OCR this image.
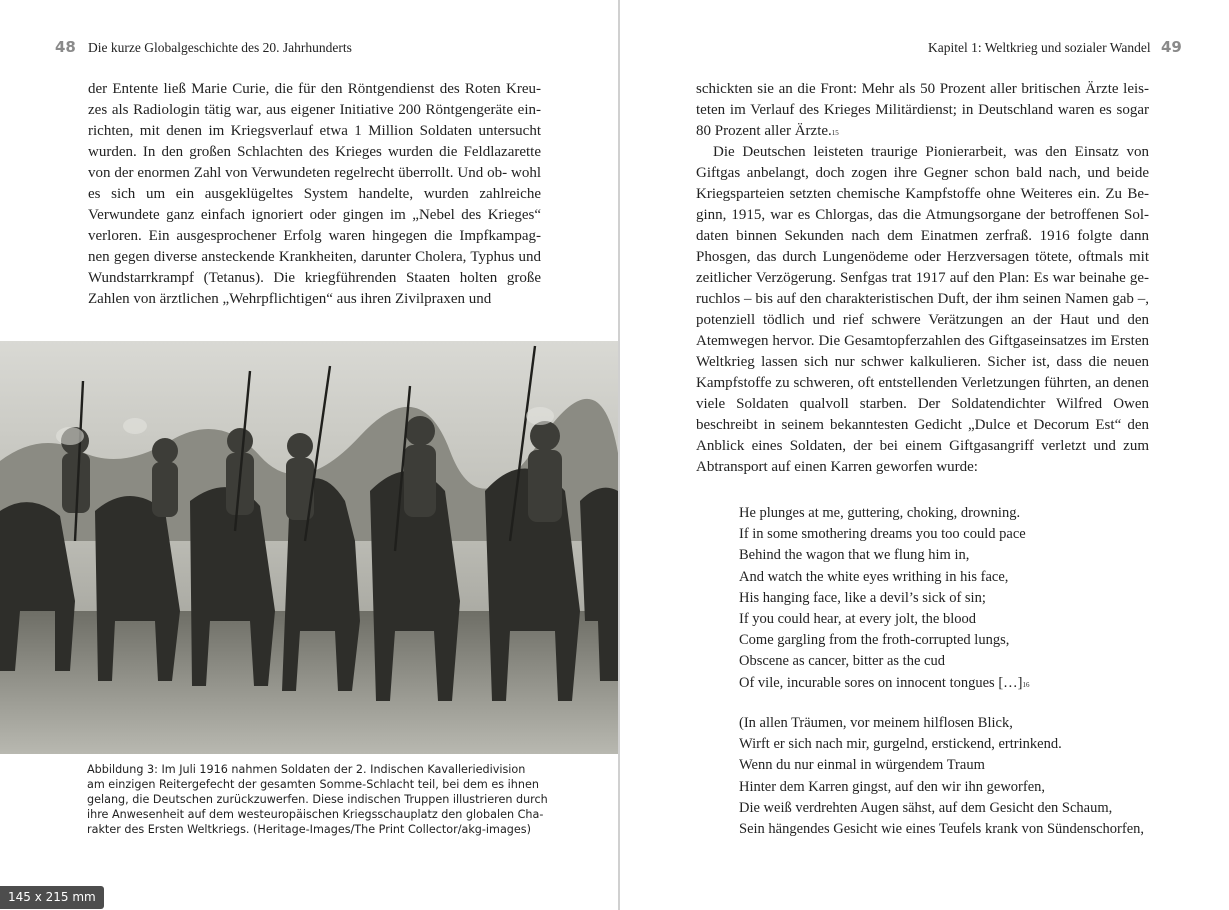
48 Die kurze Globalgeschichte des 20. Jahrhunderts

der Entente ließ Marie Curie, die für den Röntgendienst des Roten Kreu- zes als Radiologin tätig war, aus eigener Initiative 200 Röntgengeräte ein- richten, mit denen im Kriegsverlauf etwa 1 Million Soldaten untersucht wurden. In den großen Schlachten des Krieges wurden die Feldlazarette von der enormen Zahl von Verwundeten regelrecht überrollt. Und ob- wohl es sich um ein ausgeklügeltes System handelte, wurden zahlreiche Verwundete ganz einfach ignoriert oder gingen im „Nebel des Krieges“ verloren. Ein ausgesprochener Erfolg waren hingegen die Impfkampag- nen gegen diverse ansteckende Krankheiten, darunter Cholera, Typhus und Wundstarrkrampf (Tetanus). Die kriegführenden Staaten holten große Zahlen von ärztlichen „Wehrpflichtigen“ aus ihren Zivilpraxen und

Abbildung 3: Im Juli 1916 nahmen Soldaten der 2. Indischen Kavalleriedivision
am einzigen Reitergefecht der gesamten Somme-Schlacht teil, bei dem es ihnen
gelang, die Deutschen zurückzuwerfen. Diese indischen Truppen illustrieren durch
ihre Anwesenheit auf dem westeuropäischen Kriegsschauplatz den globalen Cha-
rakter des Ersten Weltkriegs. (Heritage-Images/The Print Collector/akg-images)
Kapitel 1: Weltkrieg und sozialer Wandel 49

schickten sie an die Front: Mehr als 50 Prozent aller britischen Ärzte leis- teten im Verlauf des Krieges Militärdienst; in Deutschland waren es sogar 80 Prozent aller Ärzte.$^{15}$

Die Deutschen leisteten traurige Pionierarbeit, was den Einsatz von Giftgas anbelangt, doch zogen ihre Gegner schon bald nach, und beide Kriegsparteien setzten chemische Kampfstoffe ohne Weiteres ein. Zu Be- ginn, 1915, war es Chlorgas, das die Atmungsorgane der betroffenen Sol- daten binnen Sekunden nach dem Einatmen zerfraß. 1916 folgte dann Phosgen, das durch Lungenödeme oder Herzversagen tötete, oftmals mit zeitlicher Verzögerung. Senfgas trat 1917 auf den Plan: Es war beinahe ge- ruchlos – bis auf den charakteristischen Duft, der ihm seinen Namen gab –, potenziell tödlich und rief schwere Verätzungen an der Haut und den Atemwegen hervor. Die Gesamtopferzahlen des Giftgaseinsatzes im Ersten Weltkrieg lassen sich nur schwer kalkulieren. Sicher ist, dass die neuen Kampfstoffe zu schweren, oft entstellenden Verletzungen führten, an denen viele Soldaten qualvoll starben. Der Soldatendichter Wilfred Owen beschreibt in seinem bekanntesten Gedicht „Dulce et Decorum Est“ den Anblick eines Soldaten, der bei einem Giftgasangriff verletzt und zum Abtransport auf einen Karren geworfen wurde:

He plunges at me, guttering, choking, drowning.
If in some smothering dreams you too could pace
Behind the wagon that we flung him in,
And watch the white eyes writhing in his face,
His hanging face, like a devil’s sick of sin;
If you could hear, at every jolt, the blood
Come gargling from the froth-corrupted lungs,
Obscene as cancer, bitter as the cud
Of vile, incurable sores on innocent tongues […]$^{16}$
(In allen Träumen, vor meinem hilflosen Blick,
Wirft er sich nach mir, gurgelnd, erstickend, ertrinkend.
Wenn du nur einmal in würgendem Traum
Hinter dem Karren gingst, auf den wir ihn geworfen,
Die weiß verdrehten Augen sähst, auf dem Gesicht den Schaum,
Sein hängendes Gesicht wie eines Teufels krank von Sündenschorfen,
145 x 215 mm
